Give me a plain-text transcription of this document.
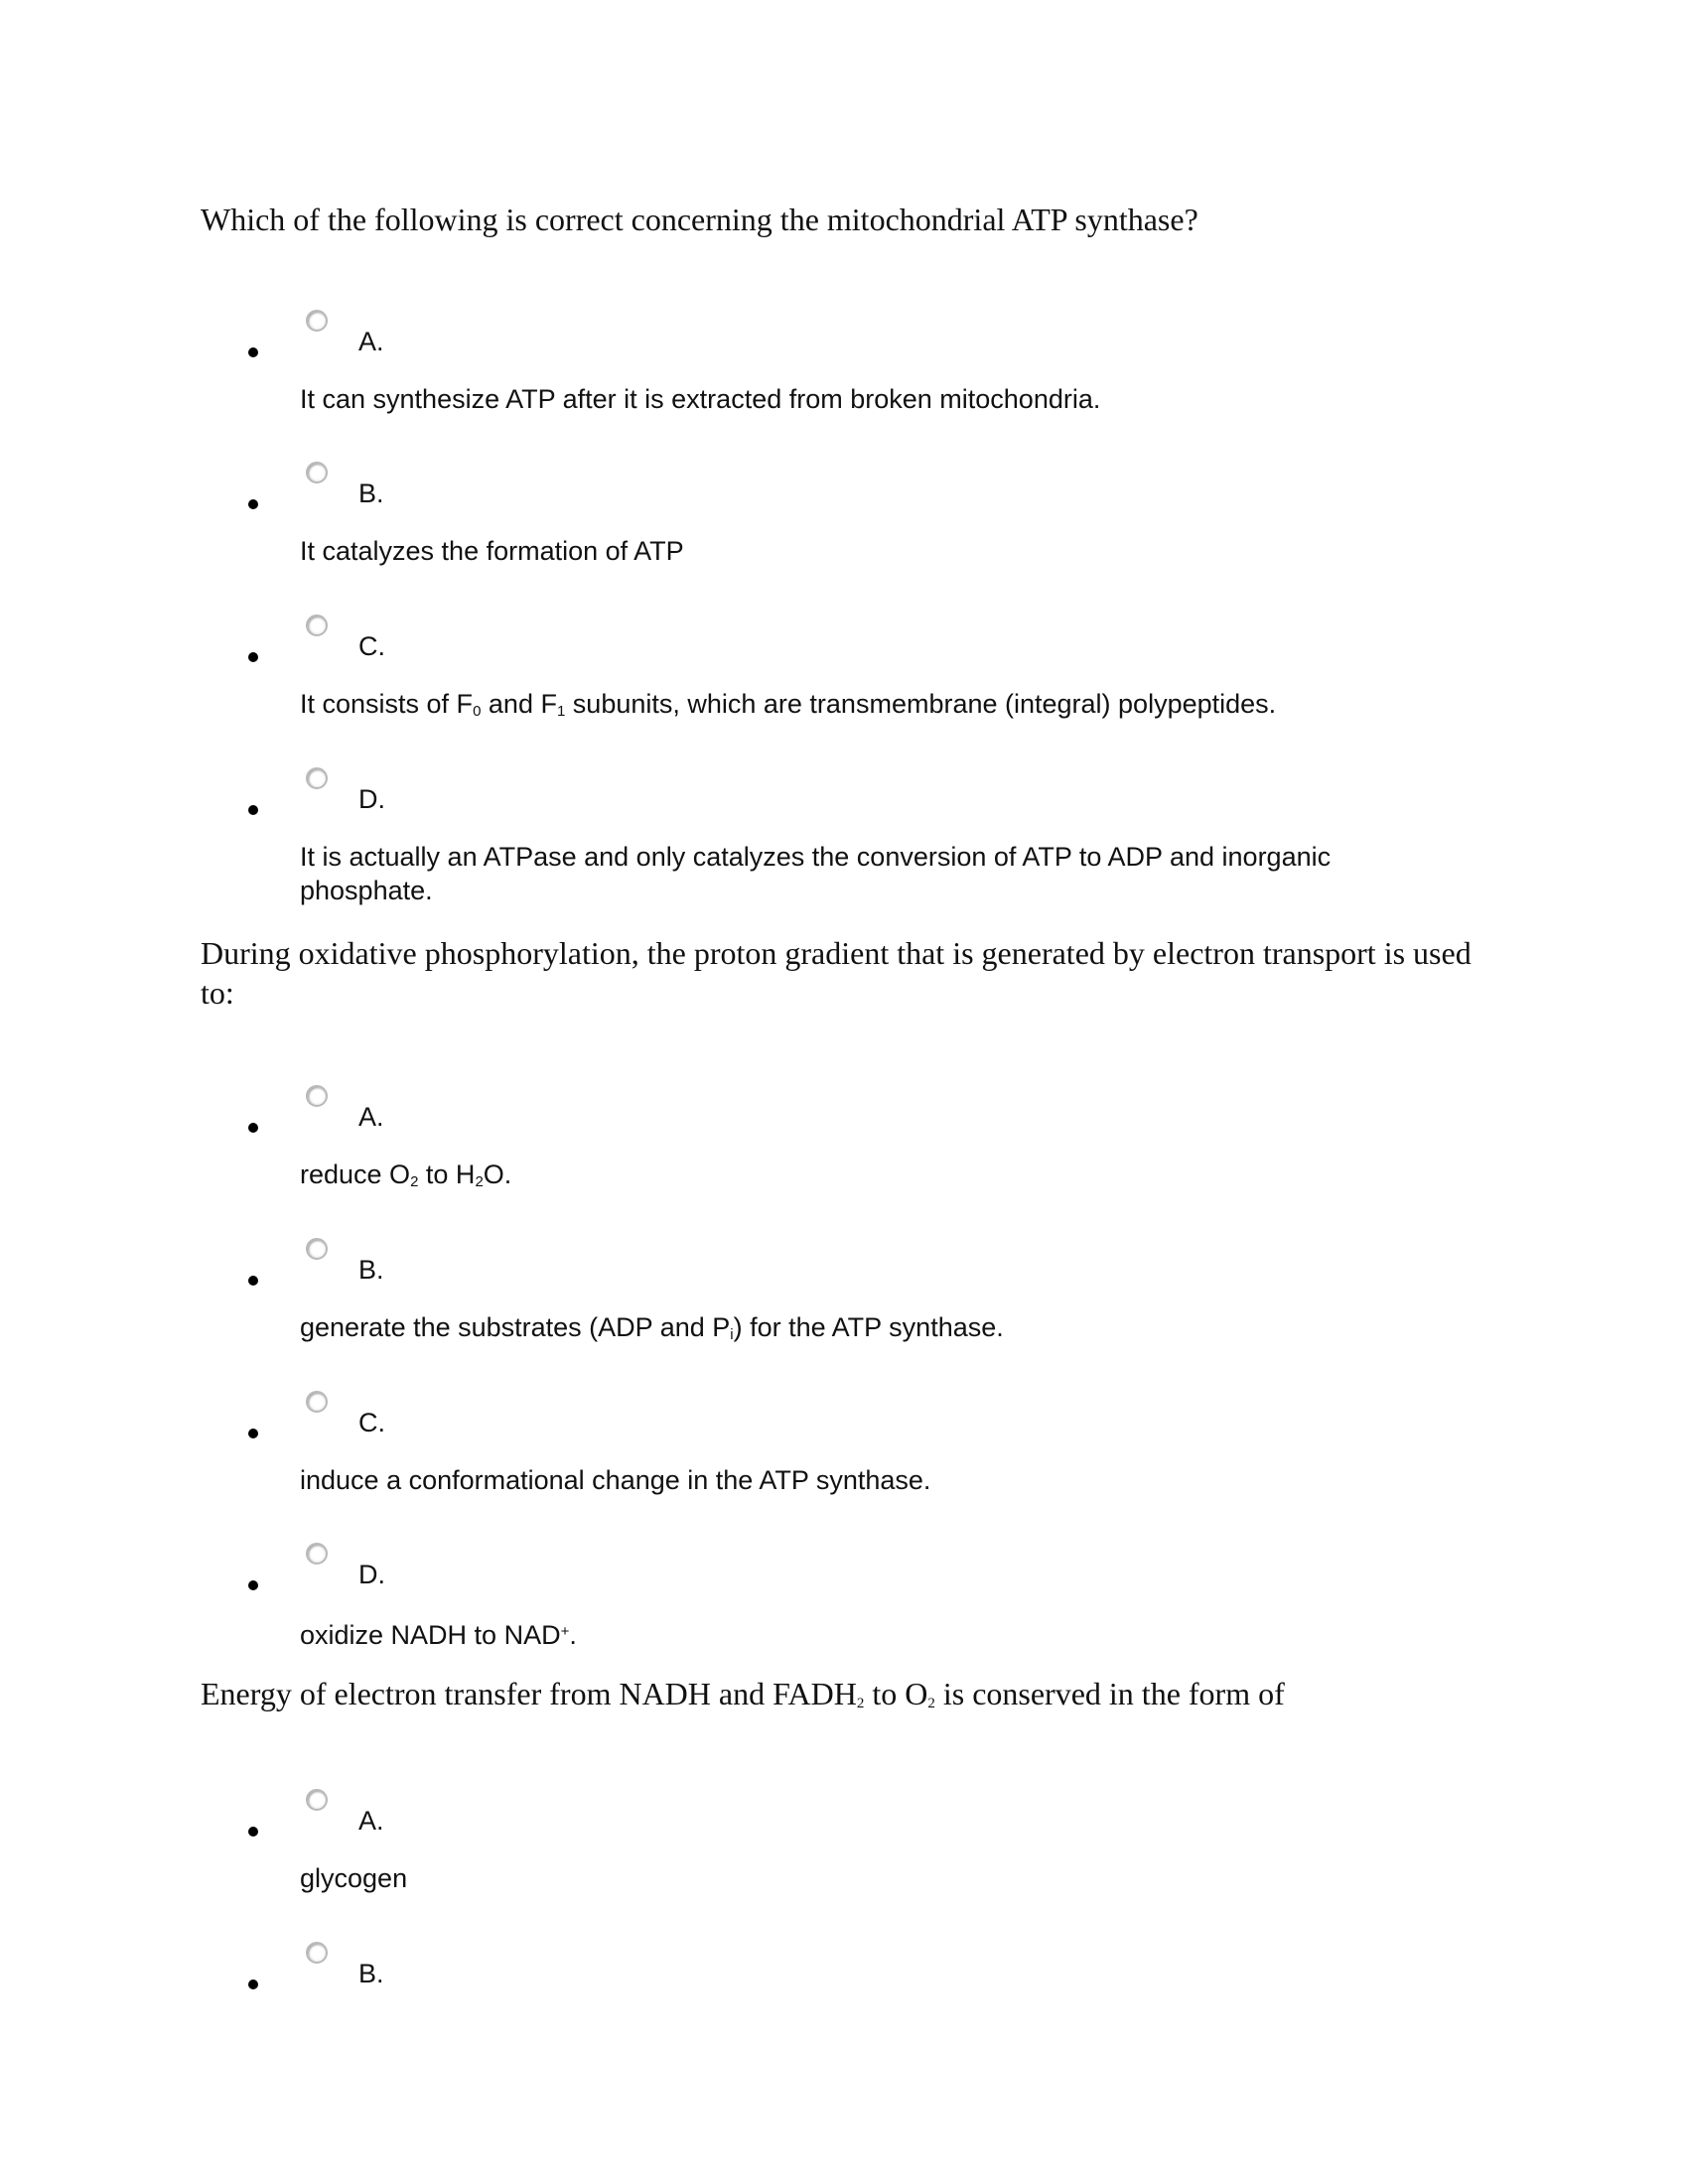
Which of the following is correct concerning the mitochondrial ATP synthase?
A.
It can synthesize ATP after it is extracted from broken mitochondria.
B.
It catalyzes the formation of ATP
C.
It consists of $F_0$ and $F_1$ subunits, which are transmembrane (integral) polypeptides.
D.
It is actually an ATPase and only catalyzes the conversion of ATP to ADP and inorganic phosphate.
During oxidative phosphorylation, the proton gradient that is generated by electron transport is used to:
A.
reduce $O_2$ to $H_2O$.
B.
generate the substrates (ADP and $P_i$) for the ATP synthase.
C.
induce a conformational change in the ATP synthase.
D.
oxidize NADH to NAD+.
Energy of electron transfer from NADH and $FADH_2$ to $O_2$ is conserved in the form of
A.
glycogen
B.
